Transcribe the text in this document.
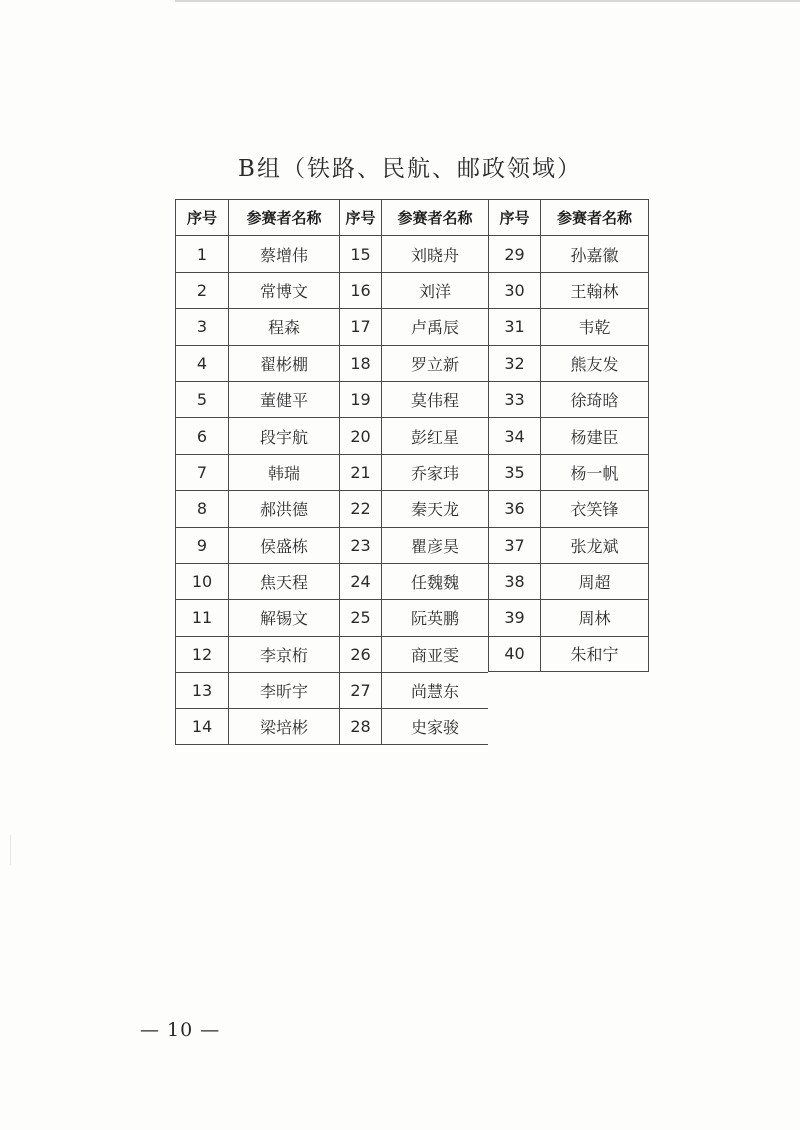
B组（铁路、民航、邮政领域）
序号	参赛者名称	序号	参赛者名称	序号	参赛者名称
1	蔡增伟	15	刘晓舟	29	孙嘉徽
2	常博文	16	刘洋	30	王翰林
3	程森	17	卢禹辰	31	韦乾
4	翟彬棚	18	罗立新	32	熊友发
5	董健平	19	莫伟程	33	徐琦晗
6	段宇航	20	彭红星	34	杨建臣
7	韩瑞	21	乔家玮	35	杨一帆
8	郝洪德	22	秦天龙	36	衣笑锋
9	侯盛栋	23	瞿彦昊	37	张龙斌
10	焦天程	24	任魏魏	38	周超
11	解锡文	25	阮英鹏	39	周林
12	李京桁	26	商亚雯	40	朱和宁
13	李昕宇	27	尚慧东
14	梁培彬	28	史家骏
— 10 —
